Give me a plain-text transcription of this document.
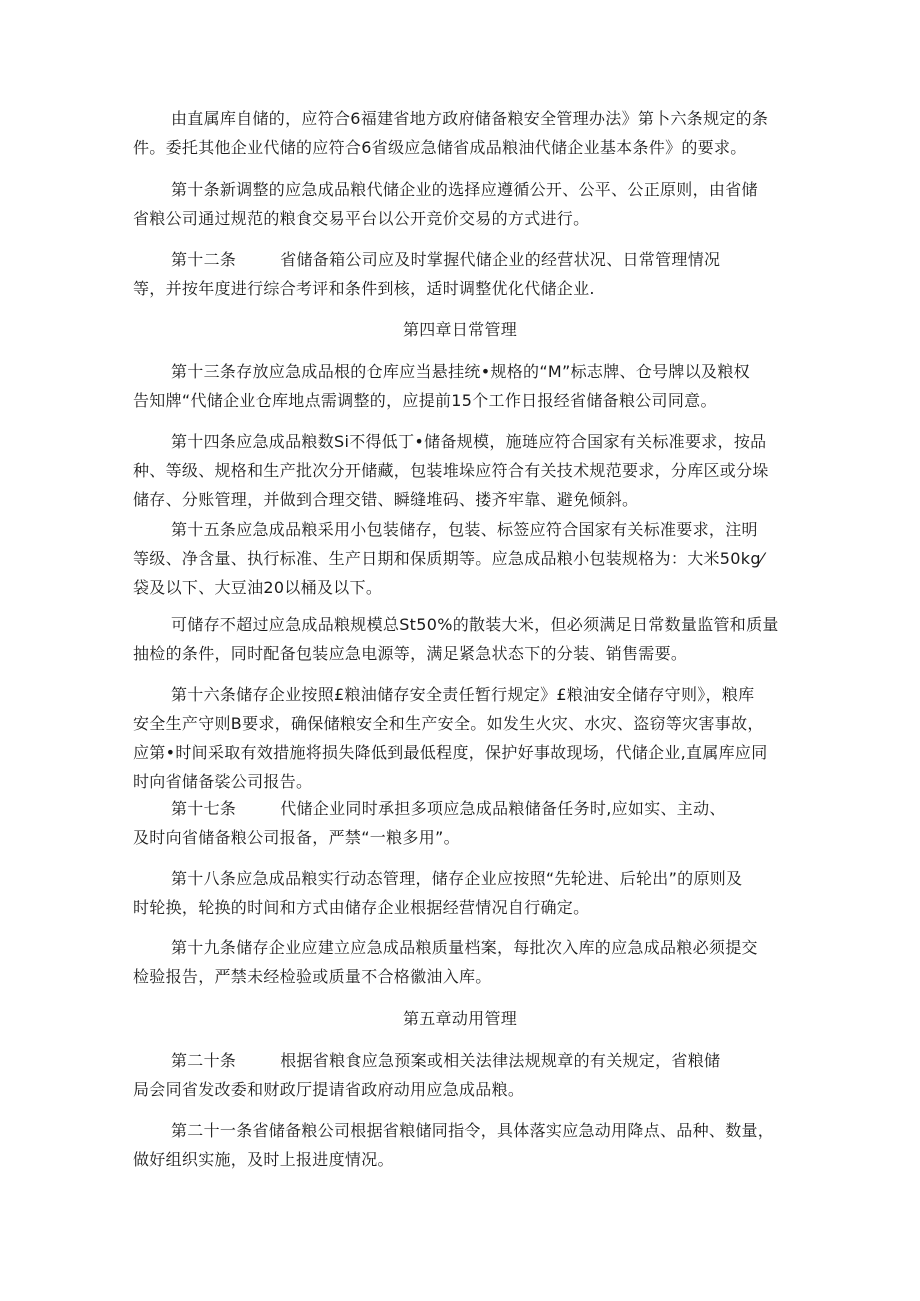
由直属库自储的，应符合6福建省地方政府储备粮安全管理办法》第卜六条规定的条
件。委托其他企业代储的应符合6省级应急储省成品粮油代储企业基本条件》的要求。
第十条新调整的应急成品粮代储企业的选择应遵循公开、公平、公正原则，由省储
省粮公司通过规范的粮食交易平台以公开竞价交易的方式进行。
第十二条	省储备箱公司应及时掌握代储企业的经营状况、日常管理情况
等，并按年度进行综合考评和条件到核，适时调整优化代储企业.
第四章日常管理
第十三条存放应急成品根的仓库应当悬挂统•规格的“M”标志牌、仓号牌以及粮权
告知牌“代储企业仓库地点需调整的，应提前15个工作日报经省储备粮公司同意。
第十四条应急成品粮数Si不得低丁•储备规模，施琏应符合国家有关标准要求，按品
种、等级、规格和生产批次分开储藏，包装堆垛应符合有关技术规范要求，分库区或分垛
储存、分账管理，并做到合理交错、瞬缝堆码、搂齐牢靠、避免倾斜。
第十五条应急成品粮采用小包装储存，包装、标签应符合国家有关标准要求，注明
等级、净含量、执行标准、生产日期和保质期等。应急成品粮小包装规格为：大米50kg⁄
袋及以下、大豆油20以桶及以下。
可储存不超过应急成品粮规模总St50%的散装大米，但必须满足日常数量监管和质量
抽检的条件，同时配备包装应急电源等，满足紧急状态下的分装、销售需要。
第十六条储存企业按照£粮油储存安全责任暂行规定》£粮油安全储存守则》，粮库
安全生产守则B要求，确保储粮安全和生产安全。如发生火灾、水灾、盗窃等灾害事故，
应第•时间采取有效措施将损失降低到最低程度，保护好事故现场，代储企业,直属库应同
时向省储备裟公司报告。
第十七条	代储企业同时承担多项应急成品粮储备任务时,应如实、主动、
及时向省储备粮公司报备，严禁“一粮多用”。
第十八条应急成品粮实行动态管理，储存企业应按照“先轮进、后轮出”的原则及
时轮换，轮换的时间和方式由储存企业根据经营情况自行确定。
第十九条储存企业应建立应急成品粮质量档案，每批次入库的应急成品粮必须提交
检验报告，严禁未经检验或质量不合格徽油入库。
第五章动用管理
第二十条	根据省粮食应急预案或相关法律法规规章的有关规定，省粮储
局会同省发改委和财政厅提请省政府动用应急成品粮。
第二十一条省储备粮公司根据省粮储同指令，具体落实应急动用降点、品种、数量，
做好组织实施，及时上报进度情况。
